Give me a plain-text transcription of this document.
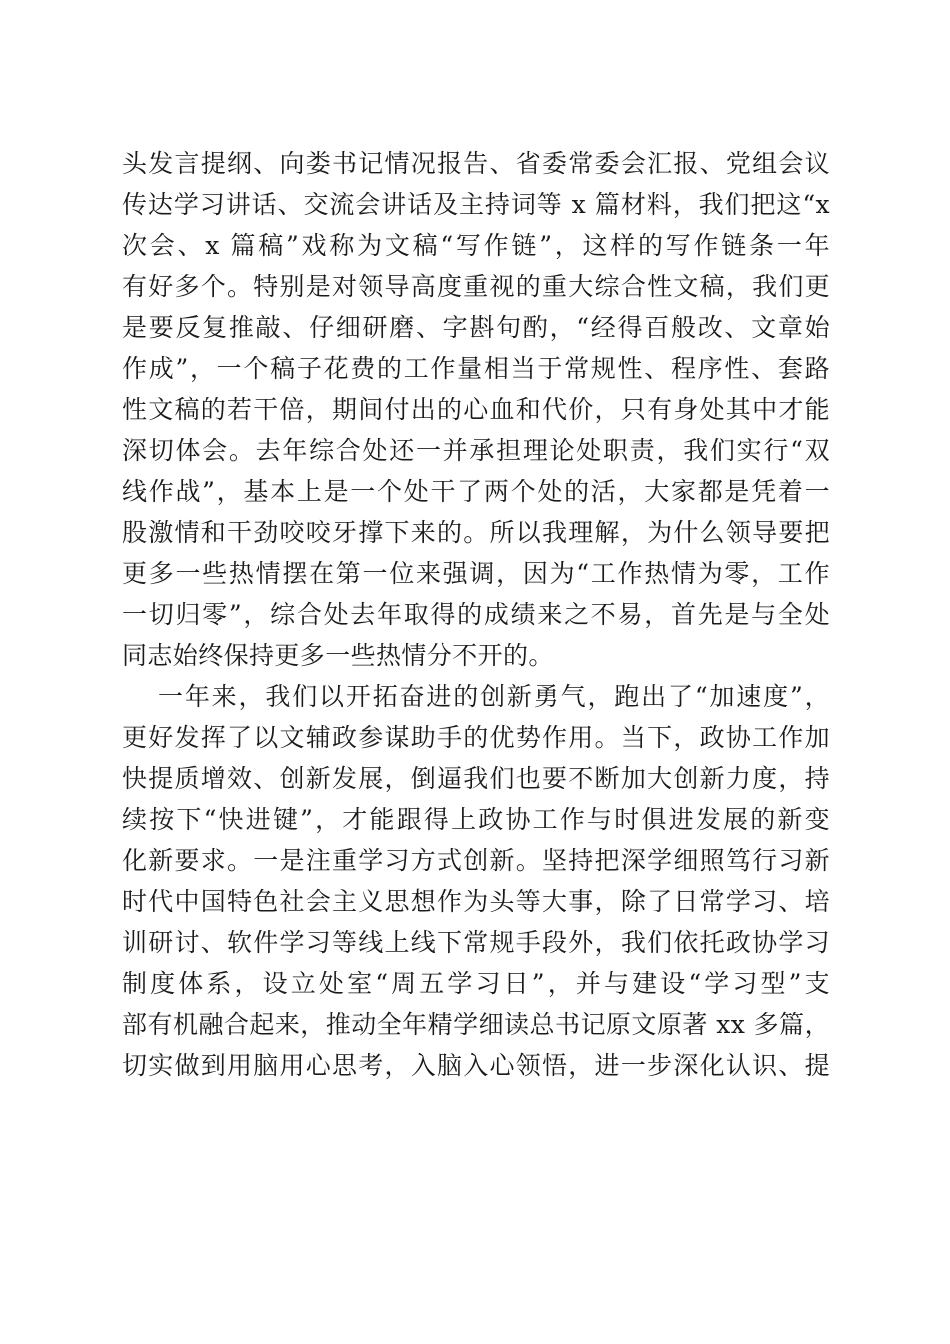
头发言提纲、向娄书记情况报告、省委常委会汇报、党组会议
传达学习讲话、交流会讲话及主持词等 x 篇材料，我们把这“x
次会、x 篇稿”戏称为文稿“写作链”，这样的写作链条一年
有好多个。特别是对领导高度重视的重大综合性文稿，我们更
是要反复推敲、仔细研磨、字斟句酌，“经得百般改、文章始
作成”，一个稿子花费的工作量相当于常规性、程序性、套路
性文稿的若干倍，期间付出的心血和代价，只有身处其中才能
深切体会。去年综合处还一并承担理论处职责，我们实行“双
线作战”，基本上是一个处干了两个处的活，大家都是凭着一
股激情和干劲咬咬牙撑下来的。所以我理解，为什么领导要把
更多一些热情摆在第一位来强调，因为“工作热情为零，工作
一切归零”，综合处去年取得的成绩来之不易，首先是与全处
同志始终保持更多一些热情分不开的。
一年来，我们以开拓奋进的创新勇气，跑出了“加速度”，
更好发挥了以文辅政参谋助手的优势作用。当下，政协工作加
快提质增效、创新发展，倒逼我们也要不断加大创新力度，持
续按下“快进键”，才能跟得上政协工作与时俱进发展的新变
化新要求。一是注重学习方式创新。坚持把深学细照笃行习新
时代中国特色社会主义思想作为头等大事，除了日常学习、培
训研讨、软件学习等线上线下常规手段外，我们依托政协学习
制度体系，设立处室“周五学习日”，并与建设“学习型”支
部有机融合起来，推动全年精学细读总书记原文原著 xx 多篇，
切实做到用脑用心思考，入脑入心领悟，进一步深化认识、提
